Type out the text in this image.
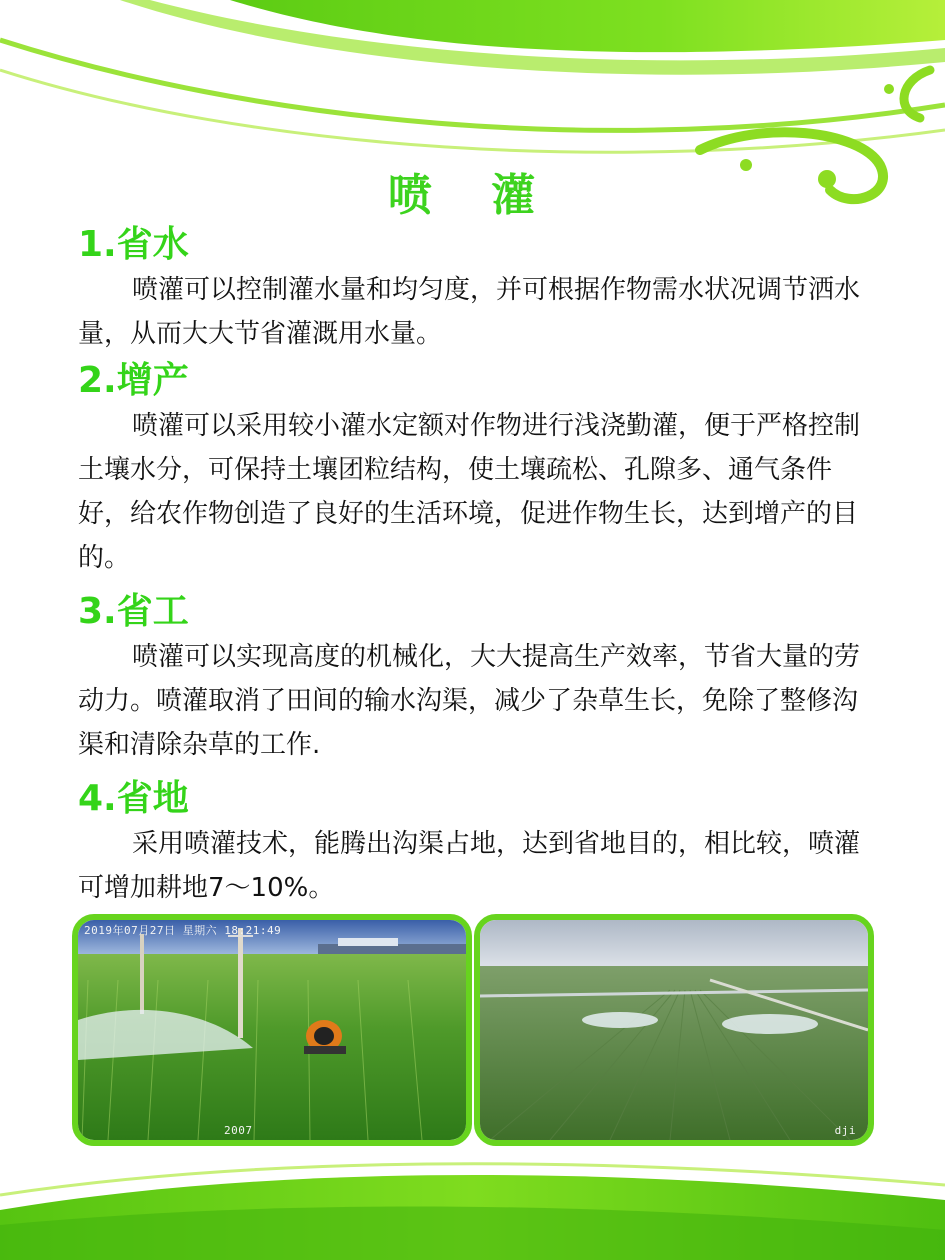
喷 灌
1.省水

喷灌可以控制灌水量和均匀度，并可根据作物需水状况调节洒水量，从而大大节省灌溉用水量。

2.增产

喷灌可以采用较小灌水定额对作物进行浅浇勤灌，便于严格控制土壤水分，可保持土壤团粒结构，使土壤疏松、孔隙多、通气条件好，给农作物创造了良好的生活环境，促进作物生长，达到增产的目的。

3.省工

喷灌可以实现高度的机械化，大大提高生产效率，节省大量的劳动力。喷灌取消了田间的输水沟渠，减少了杂草生长，免除了整修沟渠和清除杂草的工作.

4.省地

采用喷灌技术，能腾出沟渠占地，达到省地目的，相比较，喷灌可增加耕地7～10%。

2019年07月27日 星期六 18:21:49
2007	dji
